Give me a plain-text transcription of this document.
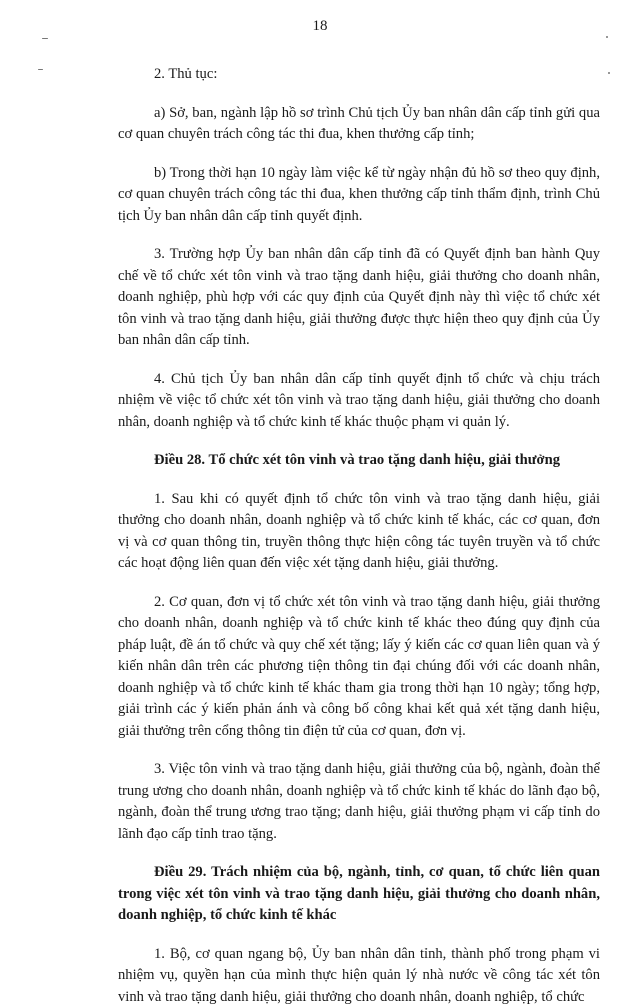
18

2. Thủ tục:

a) Sở, ban, ngành lập hồ sơ trình Chủ tịch Ủy ban nhân dân cấp tỉnh gửi qua cơ quan chuyên trách công tác thi đua, khen thưởng cấp tỉnh;

b) Trong thời hạn 10 ngày làm việc kể từ ngày nhận đủ hồ sơ theo quy định, cơ quan chuyên trách công tác thi đua, khen thưởng cấp tỉnh thẩm định, trình Chủ tịch Ủy ban nhân dân cấp tỉnh quyết định.

3. Trường hợp Ủy ban nhân dân cấp tỉnh đã có Quyết định ban hành Quy chế về tổ chức xét tôn vinh và trao tặng danh hiệu, giải thưởng cho doanh nhân, doanh nghiệp, phù hợp với các quy định của Quyết định này thì việc tổ chức xét tôn vinh và trao tặng danh hiệu, giải thưởng được thực hiện theo quy định của Ủy ban nhân dân cấp tỉnh.

4. Chủ tịch Ủy ban nhân dân cấp tỉnh quyết định tổ chức và chịu trách nhiệm về việc tổ chức xét tôn vinh và trao tặng danh hiệu, giải thưởng cho doanh nhân, doanh nghiệp và tổ chức kinh tế khác thuộc phạm vi quản lý.

Điều 28. Tổ chức xét tôn vinh và trao tặng danh hiệu, giải thưởng

1. Sau khi có quyết định tổ chức tôn vinh và trao tặng danh hiệu, giải thưởng cho doanh nhân, doanh nghiệp và tổ chức kinh tế khác, các cơ quan, đơn vị và cơ quan thông tin, truyền thông thực hiện công tác tuyên truyền và tổ chức các hoạt động liên quan đến việc xét tặng danh hiệu, giải thưởng.

2. Cơ quan, đơn vị tổ chức xét tôn vinh và trao tặng danh hiệu, giải thưởng cho doanh nhân, doanh nghiệp và tổ chức kinh tế khác theo đúng quy định của pháp luật, đề án tổ chức và quy chế xét tặng; lấy ý kiến các cơ quan liên quan và ý kiến nhân dân trên các phương tiện thông tin đại chúng đối với các doanh nhân, doanh nghiệp và tổ chức kinh tế khác tham gia trong thời hạn 10 ngày; tổng hợp, giải trình các ý kiến phản ánh và công bố công khai kết quả xét tặng danh hiệu, giải thưởng trên cổng thông tin điện tử của cơ quan, đơn vị.

3. Việc tôn vinh và trao tặng danh hiệu, giải thưởng của bộ, ngành, đoàn thể trung ương cho doanh nhân, doanh nghiệp và tổ chức kinh tế khác do lãnh đạo bộ, ngành, đoàn thể trung ương trao tặng; danh hiệu, giải thưởng phạm vi cấp tỉnh do lãnh đạo cấp tỉnh trao tặng.

Điều 29. Trách nhiệm của bộ, ngành, tỉnh, cơ quan, tổ chức liên quan trong việc xét tôn vinh và trao tặng danh hiệu, giải thưởng cho doanh nhân, doanh nghiệp, tổ chức kinh tế khác

1. Bộ, cơ quan ngang bộ, Ủy ban nhân dân tỉnh, thành phố trong phạm vi nhiệm vụ, quyền hạn của mình thực hiện quản lý nhà nước về công tác xét tôn vinh và trao tặng danh hiệu, giải thưởng cho doanh nhân, doanh nghiệp, tổ chức
